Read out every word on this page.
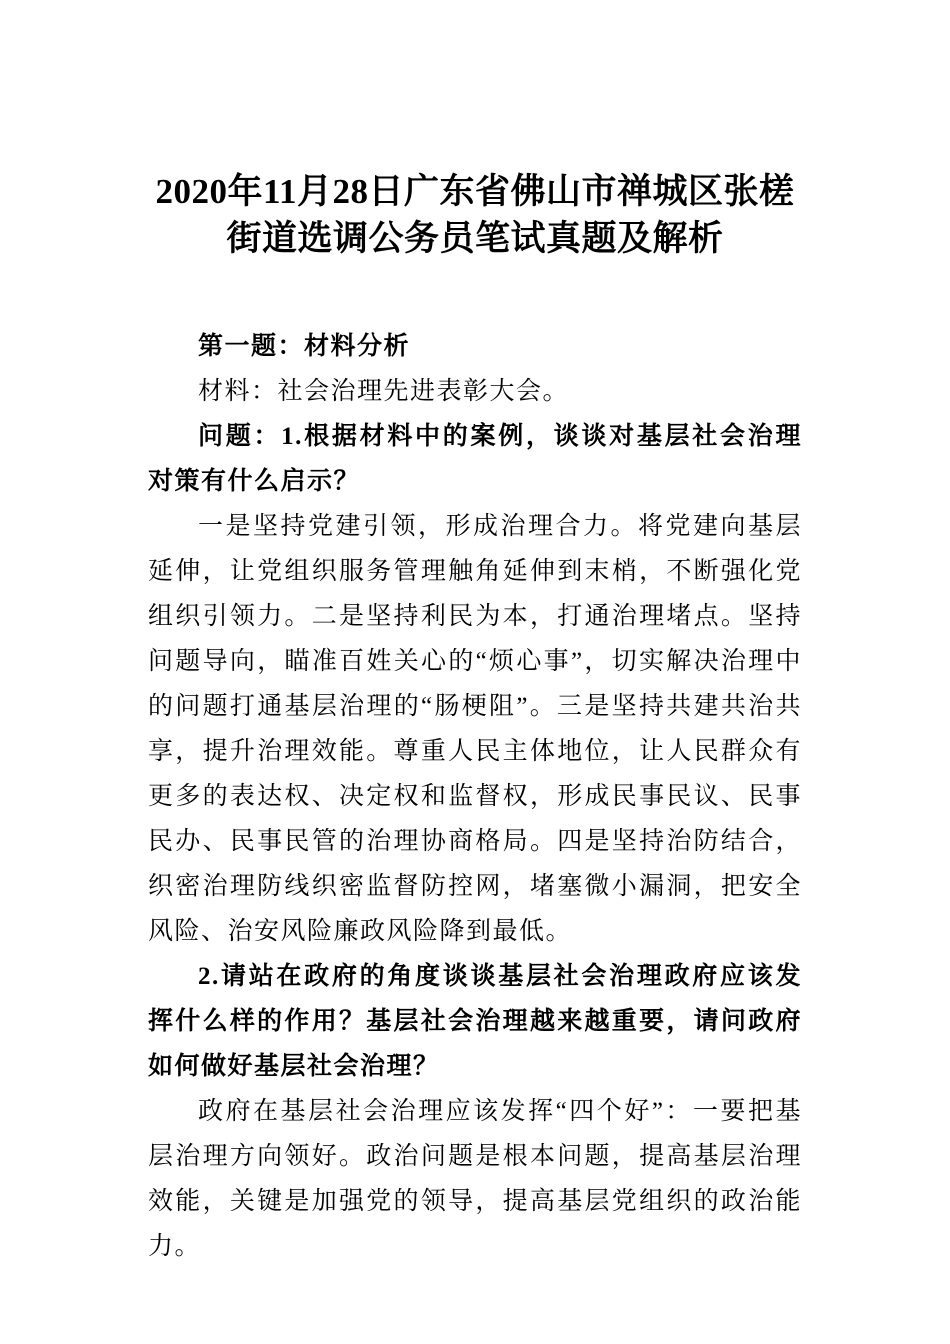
2020年11月28日广东省佛山市禅城区张槎街道选调公务员笔试真题及解析

第一题：材料分析

材料：社会治理先进表彰大会。

问题：1.根据材料中的案例，谈谈对基层社会治理对策有什么启示？

一是坚持党建引领，形成治理合力。将党建向基层延伸，让党组织服务管理触角延伸到末梢，不断强化党组织引领力。二是坚持利民为本，打通治理堵点。坚持问题导向，瞄准百姓关心的“烦心事”，切实解决治理中的问题打通基层治理的“肠梗阻”。三是坚持共建共治共享，提升治理效能。尊重人民主体地位，让人民群众有更多的表达权、决定权和监督权，形成民事民议、民事民办、民事民管的治理协商格局。四是坚持治防结合，织密治理防线织密监督防控网，堵塞微小漏洞，把安全风险、治安风险廉政风险降到最低。

2.请站在政府的角度谈谈基层社会治理政府应该发挥什么样的作用？基层社会治理越来越重要，请问政府如何做好基层社会治理？

政府在基层社会治理应该发挥“四个好”：一要把基层治理方向领好。政治问题是根本问题，提高基层治理效能，关键是加强党的领导，提高基层党组织的政治能力。
